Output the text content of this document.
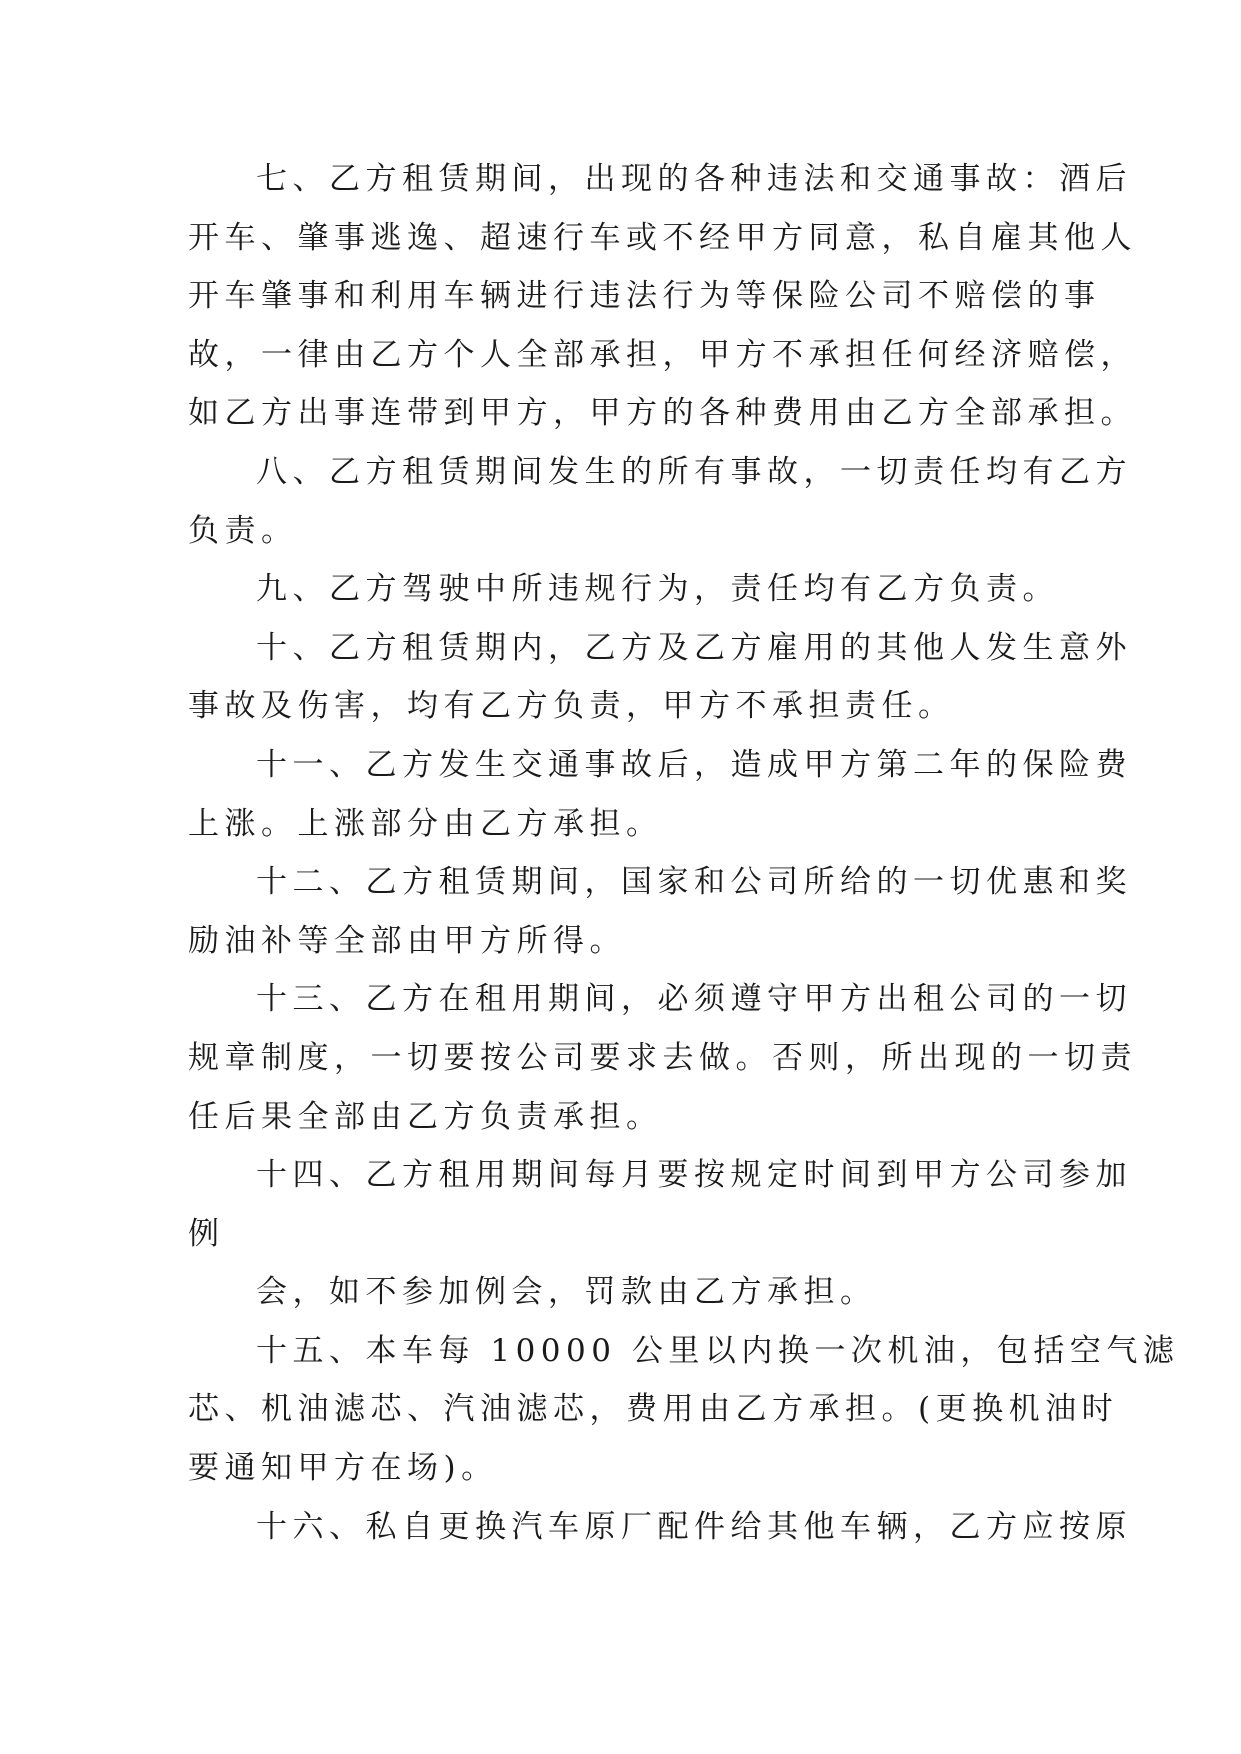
七、乙方租赁期间，出现的各种违法和交通事故：酒后
开车、肇事逃逸、超速行车或不经甲方同意，私自雇其他人
开车肇事和利用车辆进行违法行为等保险公司不赔偿的事
故，一律由乙方个人全部承担，甲方不承担任何经济赔偿，
如乙方出事连带到甲方，甲方的各种费用由乙方全部承担。
八、乙方租赁期间发生的所有事故，一切责任均有乙方
负责。
九、乙方驾驶中所违规行为，责任均有乙方负责。
十、乙方租赁期内，乙方及乙方雇用的其他人发生意外
事故及伤害，均有乙方负责，甲方不承担责任。
十一、乙方发生交通事故后，造成甲方第二年的保险费
上涨。上涨部分由乙方承担。
十二、乙方租赁期间，国家和公司所给的一切优惠和奖
励油补等全部由甲方所得。
十三、乙方在租用期间，必须遵守甲方出租公司的一切
规章制度，一切要按公司要求去做。否则，所出现的一切责
任后果全部由乙方负责承担。
十四、乙方租用期间每月要按规定时间到甲方公司参加
例
会，如不参加例会，罚款由乙方承担。
十五、本车每 10000 公里以内换一次机油，包括空气滤
芯、机油滤芯、汽油滤芯，费用由乙方承担。(更换机油时
要通知甲方在场)。
十六、私自更换汽车原厂配件给其他车辆，乙方应按原
